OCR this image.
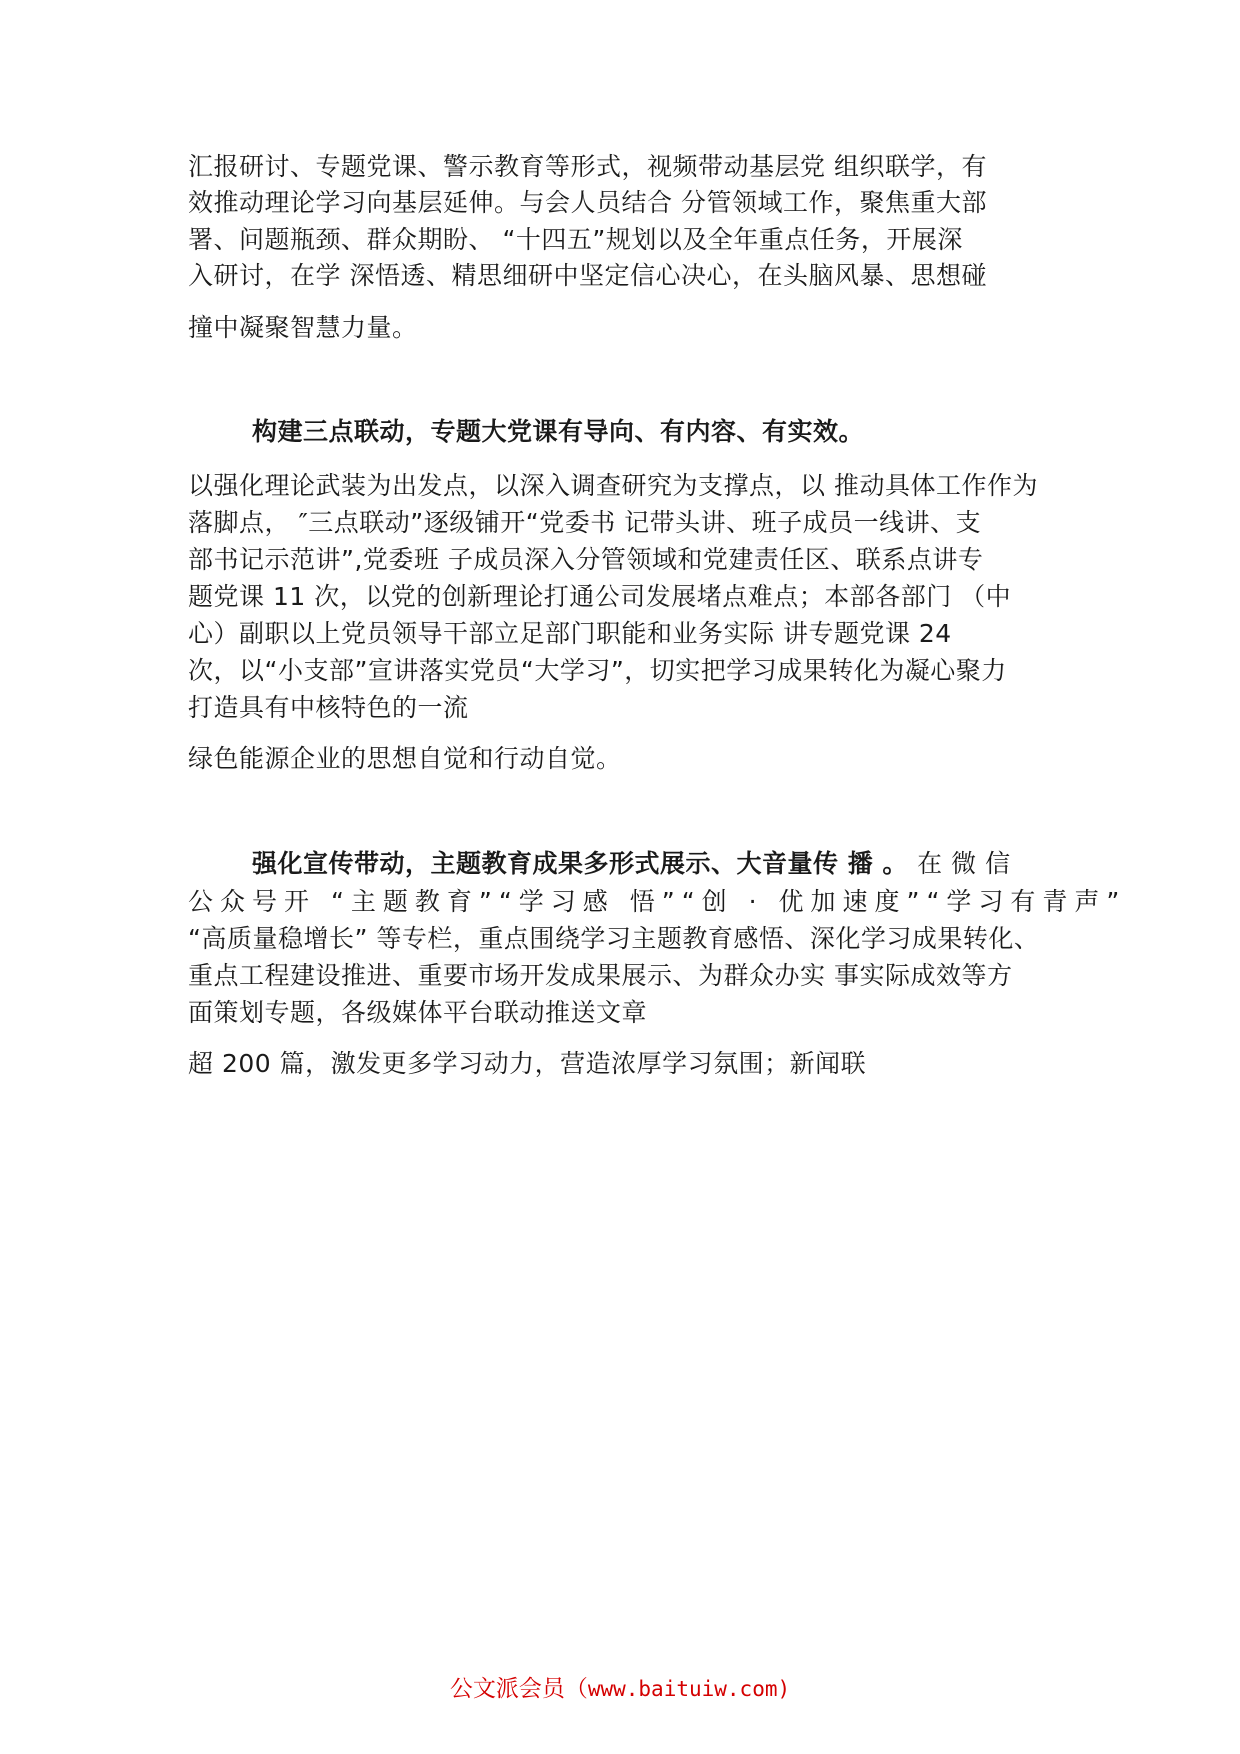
汇报研讨、专题党课、警示教育等形式，视频带动基层党 组织联学，有
效推动理论学习向基层延伸。与会人员结合 分管领域工作，聚焦重大部
署、问题瓶颈、群众期盼、 “十四五”规划以及全年重点任务，开展深
入研讨，在学 深悟透、精思细研中坚定信心决心，在头脑风暴、思想碰
撞中凝聚智慧力量。
构建三点联动，专题大党课有导向、有内容、有实效。
以强化理论武装为出发点，以深入调查研究为支撑点，以 推动具体工作作为
落脚点， ″三点联动”逐级铺开“党委书 记带头讲、班子成员一线讲、支
部书记示范讲”,党委班 子成员深入分管领域和党建责任区、联系点讲专
题党课 11 次，以党的创新理论打通公司发展堵点难点；本部各部门 （中
心）副职以上党员领导干部立足部门职能和业务实际 讲专题党课 24
次，以“小支部”宣讲落实党员“大学习”，切实把学习成果转化为凝心聚力
打造具有中核特色的一流
绿色能源企业的思想自觉和行动自觉。
强化宣传带动，主题教育成果多形式展示、大音量传 播 。 在微信
公众号开 “主题教育”“学习感 悟”“创 · 优加速度”“学习有青声”
“高质量稳增长” 等专栏，重点围绕学习主题教育感悟、深化学习成果转化、
重点工程建设推进、重要市场开发成果展示、为群众办实 事实际成效等方
面策划专题，各级媒体平台联动推送文章
超 200 篇，激发更多学习动力，营造浓厚学习氛围；新闻联
公文派会员（www.baituiw.com)
